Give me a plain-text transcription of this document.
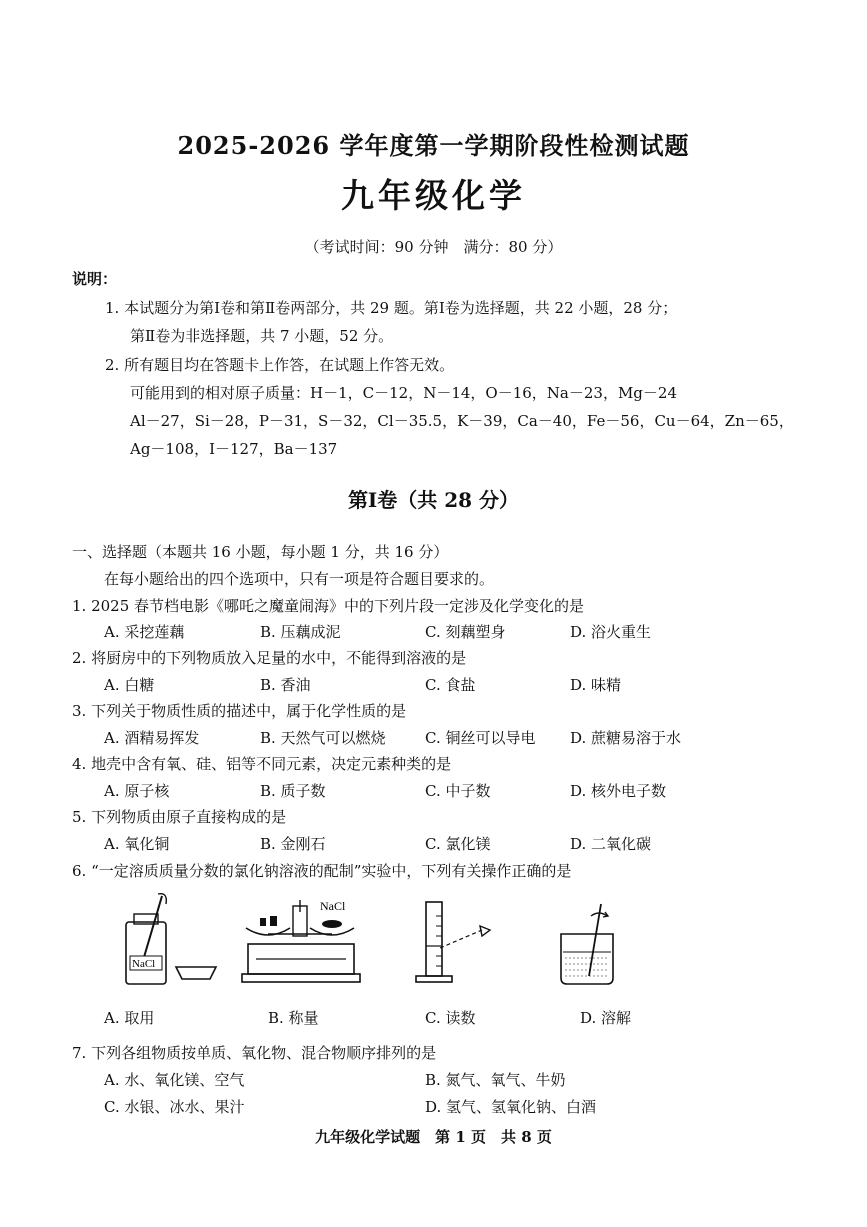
2025-2026 学年度第一学期阶段性检测试题
九年级化学
（考试时间：90 分钟　满分：80 分）
说明：
1. 本试题分为第Ⅰ卷和第Ⅱ卷两部分，共 29 题。第Ⅰ卷为选择题，共 22 小题，28 分；
第Ⅱ卷为非选择题，共 7 小题，52 分。
2. 所有题目均在答题卡上作答，在试题上作答无效。
可能用到的相对原子质量：H－1，C－12，N－14，O－16，Na－23，Mg－24
Al－27，Si－28，P－31，S－32，Cl－35.5，K－39，Ca－40，Fe－56，Cu－64，Zn－65，
Ag－108，I－127，Ba－137
第Ⅰ卷（共 28 分）
一、选择题（本题共 16 小题，每小题 1 分，共 16 分）
在每小题给出的四个选项中，只有一项是符合题目要求的。
1. 2025 春节档电影《哪吒之魔童闹海》中的下列片段一定涉及化学变化的是
A. 采挖莲藕	B. 压藕成泥	C. 刻藕塑身	D. 浴火重生
2. 将厨房中的下列物质放入足量的水中，不能得到溶液的是
A. 白糖	B. 香油	C. 食盐	D. 味精
3. 下列关于物质性质的描述中，属于化学性质的是
A. 酒精易挥发	B. 天然气可以燃烧	C. 铜丝可以导电 D. 蔗糖易溶于水
4. 地壳中含有氧、硅、铝等不同元素，决定元素种类的是
A. 原子核	B. 质子数	C. 中子数	D. 核外电子数
5. 下列物质由原子直接构成的是
A. 氧化铜	B. 金刚石	C. 氯化镁	D. 二氧化碳
6. “一定溶质质量分数的氯化钠溶液的配制”实验中，下列有关操作正确的是
NaCl
NaCl
A. 取用	B. 称量	C. 读数	D. 溶解
7. 下列各组物质按单质、氧化物、混合物顺序排列的是
A. 水、氧化镁、空气	B. 氮气、氧气、牛奶
C. 水银、冰水、果汁	D. 氢气、氢氧化钠、白酒
九年级化学试题　第 1 页　共 8 页
